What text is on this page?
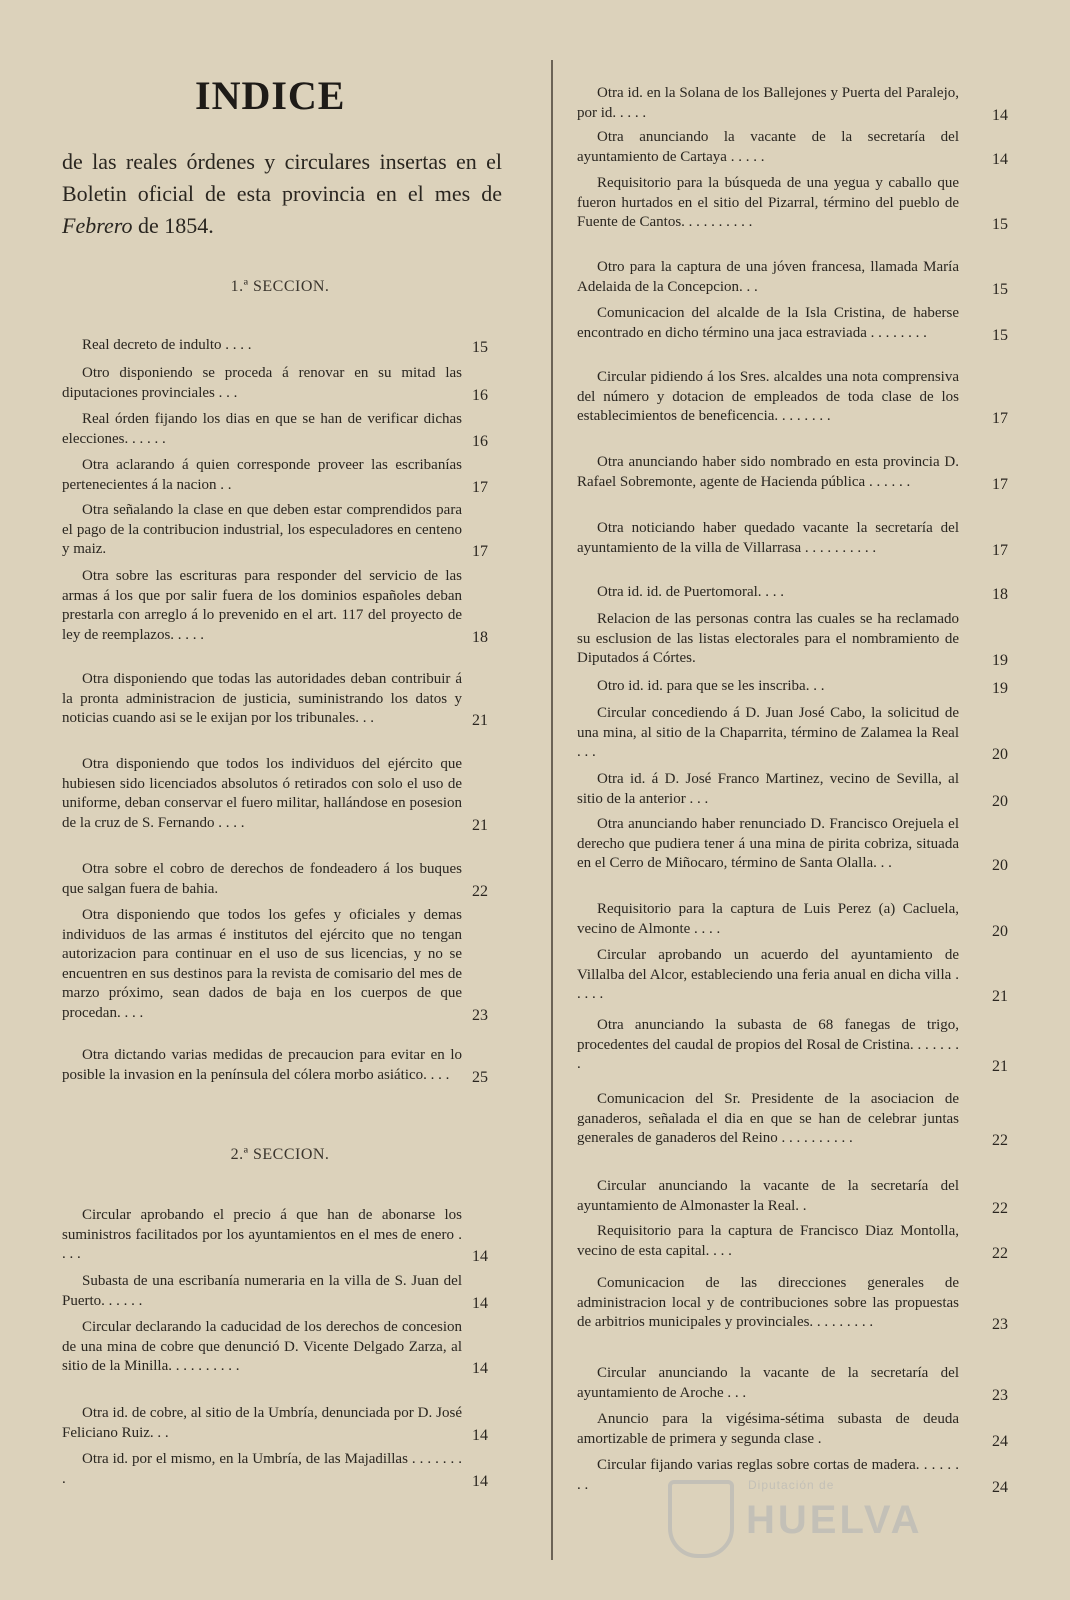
INDICE
de las reales órdenes y circulares insertas en el Boletin oficial de esta provincia en el mes de Febrero de 1854.
1.ª SECCION.
Real decreto de indulto . . . .	15
Otro disponiendo se proceda á renovar en su mitad las diputaciones provinciales . . .	16
Real órden fijando los dias en que se han de verificar dichas elecciones. . . . . .	16
Otra aclarando á quien corresponde proveer las escribanías pertenecientes á la nacion . .	17
Otra señalando la clase en que deben estar comprendidos para el pago de la contribucion industrial, los especuladores en centeno y maiz.	17
Otra sobre las escrituras para responder del servicio de las armas á los que por salir fuera de los dominios españoles deban prestarla con arreglo á lo prevenido en el art. 117 del proyecto de ley de reemplazos. . . . .	18
Otra disponiendo que todas las autoridades deban contribuir á la pronta administracion de justicia, suministrando los datos y noticias cuando asi se le exijan por los tribunales. . .	21
Otra disponiendo que todos los individuos del ejército que hubiesen sido licenciados absolutos ó retirados con solo el uso de uniforme, deban conservar el fuero militar, hallándose en posesion de la cruz de S. Fernando . . . .	21
Otra sobre el cobro de derechos de fondeadero á los buques que salgan fuera de bahia.	22
Otra disponiendo que todos los gefes y oficiales y demas individuos de las armas é institutos del ejército que no tengan autorizacion para continuar en el uso de sus licencias, y no se encuentren en sus destinos para la revista de comisario del mes de marzo próximo, sean dados de baja en los cuerpos de que procedan. . . .	23
Otra dictando varias medidas de precaucion para evitar en lo posible la invasion en la península del cólera morbo asiático. . . .	25
2.ª SECCION.
Circular aprobando el precio á que han de abonarse los suministros facilitados por los ayuntamientos en el mes de enero . . . .	14
Subasta de una escribanía numeraria en la villa de S. Juan del Puerto. . . . . .	14
Circular declarando la caducidad de los derechos de concesion de una mina de cobre que denunció D. Vicente Delgado Zarza, al sitio de la Minilla. . . . . . . . . .	14
Otra id. de cobre, al sitio de la Umbría, denunciada por D. José Feliciano Ruiz. . .	14
Otra id. por el mismo, en la Umbría, de las Majadillas . . . . . . . .	14
Otra id. en la Solana de los Ballejones y Puerta del Paralejo, por id. . . . .	14
Otra anunciando la vacante de la secretaría del ayuntamiento de Cartaya . . . . .	14
Requisitorio para la búsqueda de una yegua y caballo que fueron hurtados en el sitio del Pizarral, término del pueblo de Fuente de Cantos. . . . . . . . . .	15
Otro para la captura de una jóven francesa, llamada María Adelaida de la Concepcion. . .	15
Comunicacion del alcalde de la Isla Cristina, de haberse encontrado en dicho término una jaca estraviada . . . . . . . .	15
Circular pidiendo á los Sres. alcaldes una nota comprensiva del número y dotacion de empleados de toda clase de los establecimientos de beneficencia. . . . . . . .	17
Otra anunciando haber sido nombrado en esta provincia D. Rafael Sobremonte, agente de Hacienda pública . . . . . .	17
Otra noticiando haber quedado vacante la secretaría del ayuntamiento de la villa de Villarrasa . . . . . . . . . .	17
Otra id. id. de Puertomoral. . . .	18
Relacion de las personas contra las cuales se ha reclamado su esclusion de las listas electorales para el nombramiento de Diputados á Córtes.	19
Otro id. id. para que se les inscriba. . .	19
Circular concediendo á D. Juan José Cabo, la solicitud de una mina, al sitio de la Chaparrita, término de Zalamea la Real . . .	20
Otra id. á D. José Franco Martinez, vecino de Sevilla, al sitio de la anterior . . .	20
Otra anunciando haber renunciado D. Francisco Orejuela el derecho que pudiera tener á una mina de pirita cobriza, situada en el Cerro de Miñocaro, término de Santa Olalla. . .	20
Requisitorio para la captura de Luis Perez (a) Cacluela, vecino de Almonte . . . .	20
Circular aprobando un acuerdo del ayuntamiento de Villalba del Alcor, estableciendo una feria anual en dicha villa . . . . .	21
Otra anunciando la subasta de 68 fanegas de trigo, procedentes del caudal de propios del Rosal de Cristina. . . . . . . .	21
Comunicacion del Sr. Presidente de la asociacion de ganaderos, señalada el dia en que se han de celebrar juntas generales de ganaderos del Reino . . . . . . . . . .	22
Circular anunciando la vacante de la secretaría del ayuntamiento de Almonaster la Real. .	22
Requisitorio para la captura de Francisco Diaz Montolla, vecino de esta capital. . . .	22
Comunicacion de las direcciones generales de administracion local y de contribuciones sobre las propuestas de arbitrios municipales y provinciales. . . . . . . . .	23
Circular anunciando la vacante de la secretaría del ayuntamiento de Aroche . . .	23
Anuncio para la vigésima-sétima subasta de deuda amortizable de primera y segunda clase .	24
Circular fijando varias reglas sobre cortas de madera. . . . . . . .	24
Diputación de
HUELVA
